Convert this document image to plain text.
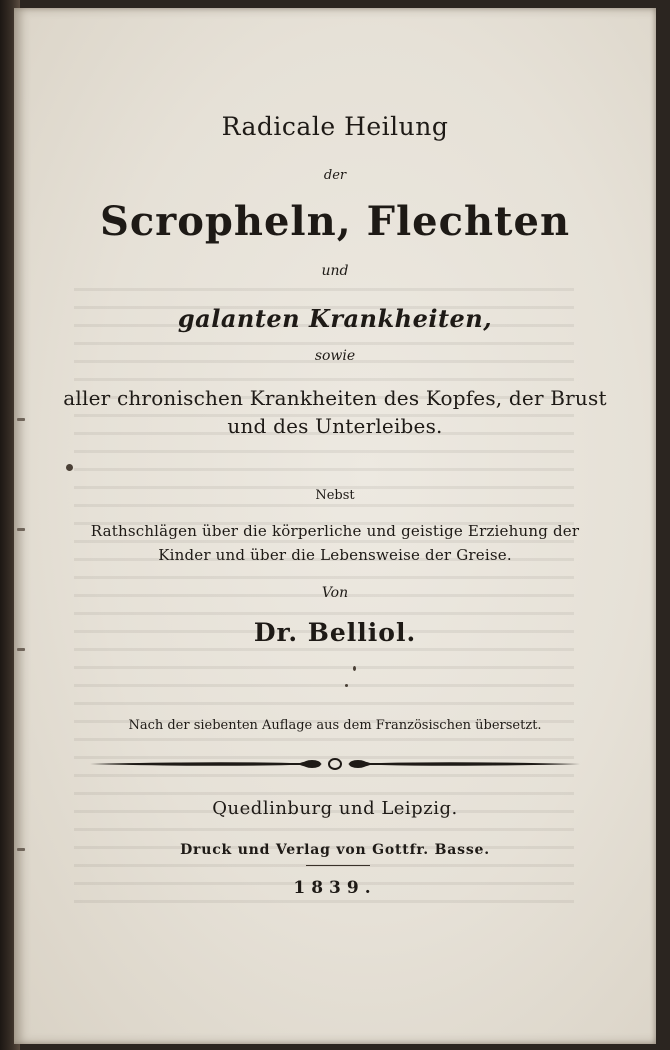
Radicale Heilung
der
Scropheln, Flechten
und
galanten Krankheiten,
sowie
aller chronischen Krankheiten des Kopfes, der Brust
und des Unterleibes.
Nebst
Rathschlägen über die körperliche und geistige Erziehung der
Kinder und über die Lebensweise der Greise.
Von
Dr. Belliol.
Nach der siebenten Auflage aus dem Französischen übersetzt.
Quedlinburg und Leipzig.
Druck und Verlag von Gottfr. Basse.
1839.
